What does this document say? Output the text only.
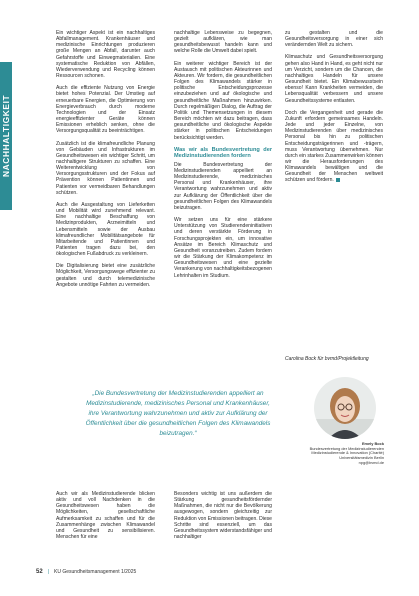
NACHHALTIGKEIT

Ein wichtiger Aspekt ist ein nachhaltiges Abfallmanagement. Krankenhäuser und medizinische Einrichtungen produzieren große Mengen an Abfall, darunter auch Gefahrstoffe und Einwegmaterialien. Eine systematische Reduktion von Abfällen, Wiederverwendung und Recycling können Ressourcen schonen.

Auch die effiziente Nutzung von Energie bietet hohes Potenzial. Der Umstieg auf erneuerbare Energien, die Optimierung von Energieverbrauch durch moderne Technologien und der Einsatz energieeffizienter Geräte können Emissionen erheblich senken, ohne die Versorgungsqualität zu beeinträchtigen.

Zusätzlich ist die klimafreundliche Planung von Gebäuden und Infrastrukturen im Gesundheitswesen ein wichtiger Schritt, um nachhaltigere Strukturen zu schaffen. Eine Weiterentwicklung von Versorgungsstrukturen und der Fokus auf Prävention können Patientinnen und Patienten vor vermeidbaren Behandlungen schützen.

Auch die Ausgestaltung von Lieferketten und Mobilität wird zunehmend relevant. Eine nachhaltige Beschaffung von Medizinprodukten, Arzneimitteln und Lebensmitteln sowie der Ausbau klimafreundlicher Mobilitätsangebote für Mitarbeitende und Patientinnen und Patienten tragen dazu bei, den ökologischen Fußabdruck zu verkleinern.

Die Digitalisierung bietet eine zusätzliche Möglichkeit, Versorgungswege effizienter zu gestalten und durch telemedizinische Angebote unnötige Fahrten zu vermeiden.

nachhaltige Lebensweise zu begegnen, gezielt aufklären, wie man gesundheitsbewusst handeln kann und welche Rolle die Umwelt dabei spielt.

Ein weiterer wichtiger Bereich ist der Austausch mit politischen Akteurinnen und Akteuren. Wir fordern, die gesundheitlichen Folgen des Klimawandels stärker in politische Entscheidungsprozesse einzubeziehen und auf ökologische und gesundheitliche Maßnahmen hinzuwirken. Durch regelmäßigen Dialog, die Auftrag der Politik und Themensetzungen in diesem Bereich möchten wir dazu beitragen, dass gesundheitliche und ökologische Aspekte stärker in politischen Entscheidungen berücksichtigt werden.

Was wir als Bundesvertretung der Medizinstudierenden fordern

Die Bundesvertretung der Medizinstudierenden appelliert an Medizinstudierende, medizinisches Personal und Krankenhäuser, ihre Verantwortung wahrzunehmen und aktiv zur Aufklärung der Öffentlichkeit über die gesundheitlichen Folgen des Klimawandels beizutragen.

Wir setzen uns für eine stärkere Unterstützung von Studierendeninitiativen und deren verstärkte Förderung in Forschungsprojekten ein, um innovative Ansätze im Bereich Klimaschutz und Gesundheit voranzutreiben. Zudem fordern wir die Stärkung der Klimakompetenz im Gesundheitswesen und eine gezielte Verankerung von nachhaltigkeitsbezogenen Lehrinhalten im Studium.

zu gestalten und die Gesundheitsversorgung in einer sich verändernden Welt zu sichern.

Klimaschutz und Gesundheitsversorgung gehen also Hand in Hand, es geht nicht nur um Verzicht, sondern um die Chancen, die nachhaltiges Handeln für unsere Gesundheit bietet. Ein Klimabewusstsein ebenso! Kann Krankheiten vermeiden, die Lebensqualität verbessern und unsere Gesundheitssysteme entlasten.

Doch die Vergangenheit und gerade die Zukunft erfordern gemeinsames Handeln. Jede und jeder Einzelne, von Medizinstudierenden über medizinisches Personal bis hin zu politischen Entscheidungsträgerinnen und -trägern, muss Verantwortung übernehmen. Nur durch ein starkes Zusammenwirken können wir die Herausforderungen des Klimawandels bewältigen und die Gesundheit der Menschen weltweit schützen und fördern.

Carolina Bock für bvmd/Projektleitung
Emely Bock
Bundesvertretung der Medizinstudierenden
Medizinstudierende & Innovation (Charité)
Universitätsmedizin Berlin
npg@bvmd.de
„Die Bundesvertretung der Medizinstudierenden appelliert an Medizinstudierende, medizinisches Personal und Krankenhäuser, ihre Verantwortung wahrzunehmen und aktiv zur Aufklärung der Öffentlichkeit über die gesundheitlichen Folgen des Klimawandels beizutragen.“

Auch wir als Medizinstudierende blicken aktiv und voll Nachdenken in die Gesundheitswesen haben die Möglichkeiten, gesellschaftliche Aufmerksamkeit zu schaffen und für die Zusammenhänge zwischen Klimawandel und Gesundheit zu sensibilisieren. Menschen für eine

Besonders wichtig ist uns außerdem die Stärkung gesundheitsfördernder Maßnahmen, die nicht nur die Bevölkerung ausgewogen, sondern gleichzeitig zur Reduktion von Emissionen beitragen. Diese Schritte sind essenziell, um das Gesundheitssystem widerstandsfähiger und nachhaltiger

52 | KU Gesundheitsmanagement 1/2025
